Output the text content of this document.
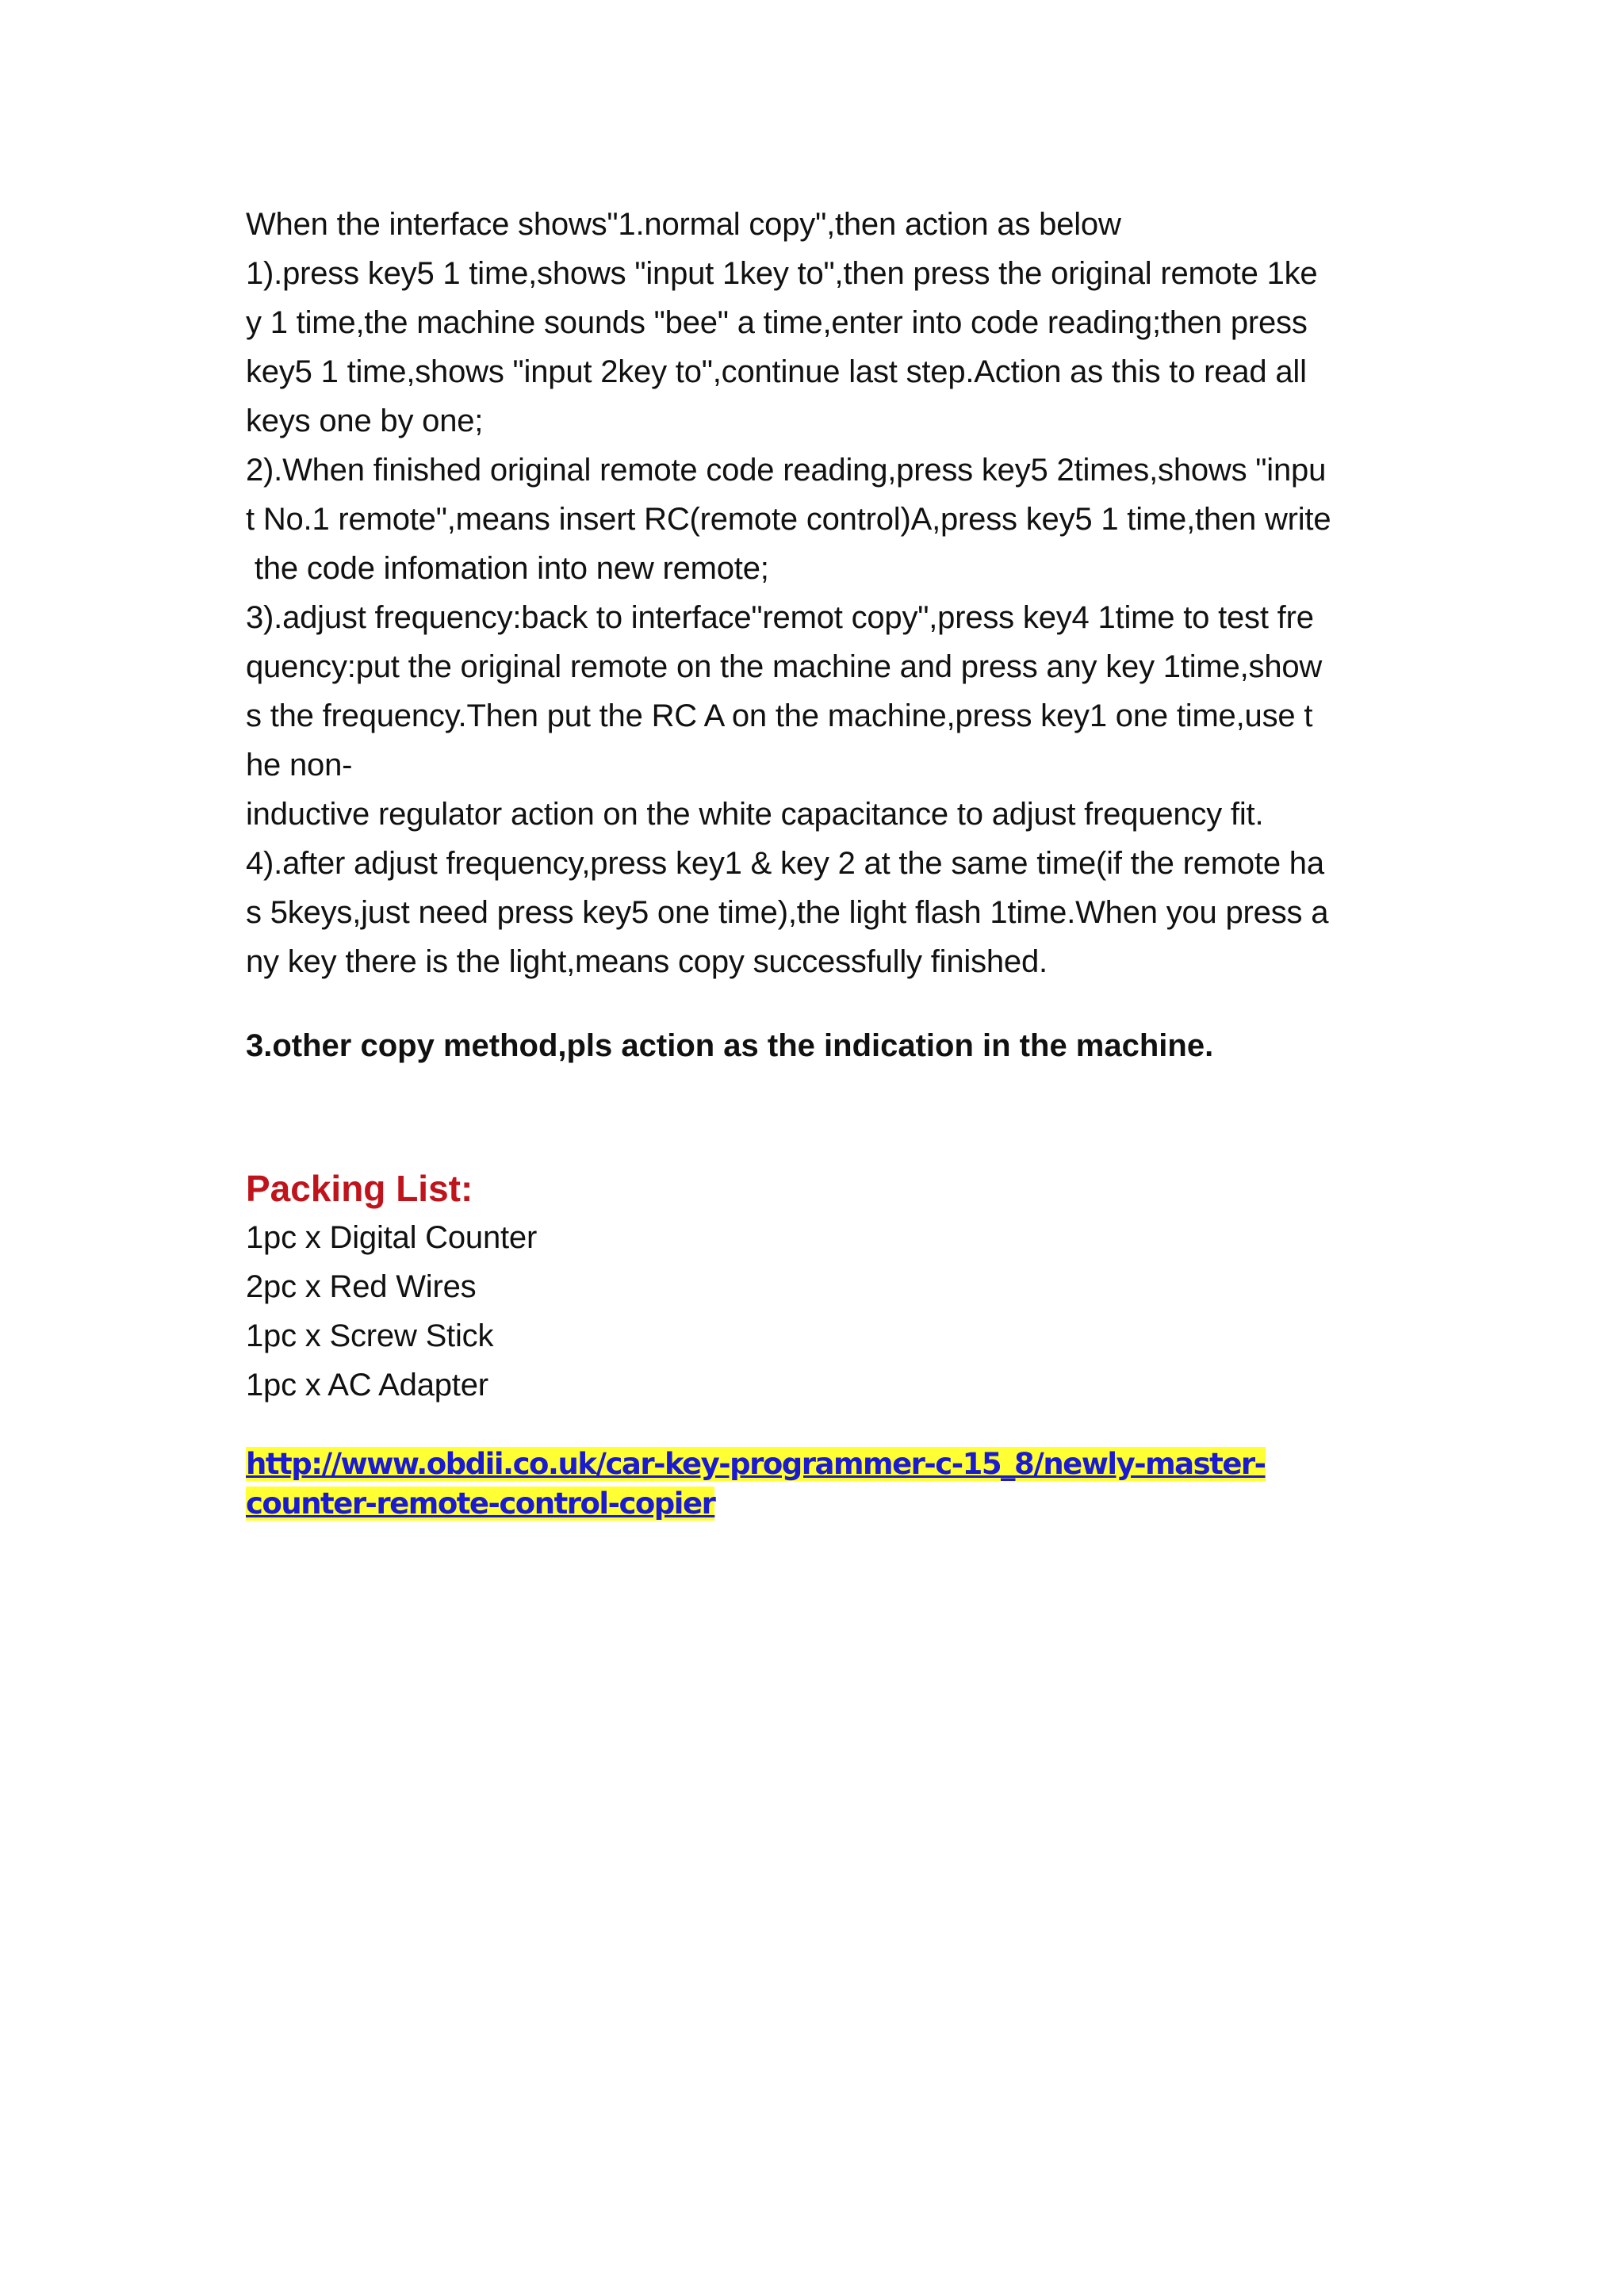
When the interface shows"1.normal copy",then action as below
1).press key5 1 time,shows "input 1key to",then press the original remote 1ke
y 1 time,the machine sounds "bee" a time,enter into code reading;then press
key5 1 time,shows "input 2key to",continue last step.Action as this to read all
keys one by one;
2).When finished original remote code reading,press key5 2times,shows "inpu
t No.1 remote",means insert RC(remote control)A,press key5 1 time,then write
the code infomation into new remote;
3).adjust frequency:back to interface"remot copy",press key4 1time to test fre
quency:put the original remote on the machine and press any key 1time,show
s the frequency.Then put the RC A on the machine,press key1 one time,use t
he non-
inductive regulator action on the white capacitance to adjust frequency fit.
4).after adjust frequency,press key1 & key 2 at the same time(if the remote ha
s 5keys,just need press key5 one time),the light flash 1time.When you press a
ny key there is the light,means copy successfully finished.
3.other copy method,pls action as the indication in the machine.
Packing List:
1pc x Digital Counter
2pc x Red Wires
1pc x Screw Stick
1pc x AC Adapter
http://www.obdii.co.uk/car-key-programmer-c-15_8/newly-master-
counter-remote-control-copier
